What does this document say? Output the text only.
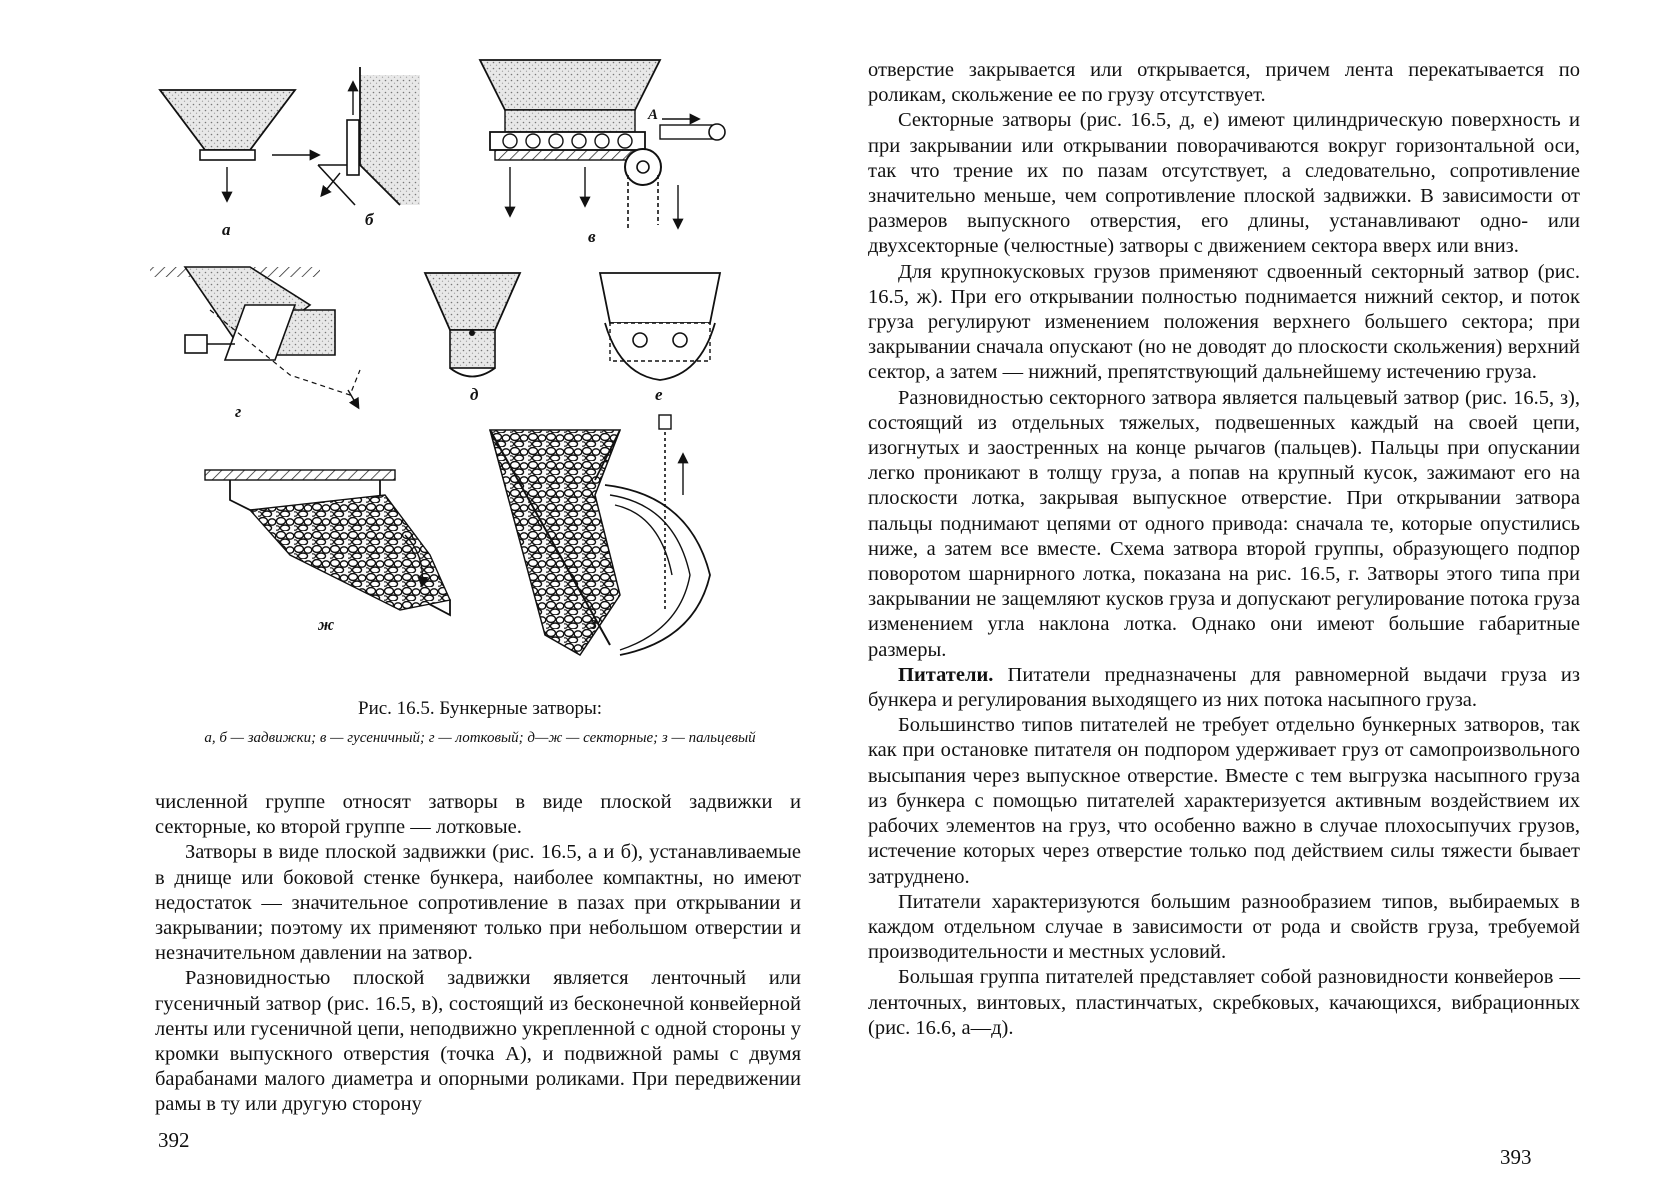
а
б
в
A
г
д	е
ж	з
Рис. 16.5. Бункерные затворы:
а, б — задвижки; в — гусеничный; г — лотковый; д—ж — секторные; з — пальцевый

численной группе относят затворы в виде плоской задвижки и секторные, ко второй группе — лотковые.

Затворы в виде плоской задвижки (рис. 16.5, а и б), устанавливаемые в днище или боковой стенке бункера, наиболее компактны, но имеют недостаток — значительное сопротивление в пазах при открывании и закрывании; поэтому их применяют только при небольшом отверстии и незначительном давлении на затвор.

Разновидностью плоской задвижки является ленточный или гусеничный затвор (рис. 16.5, в), состоящий из бесконечной конвейерной ленты или гусеничной цепи, неподвижно укрепленной с одной стороны у кромки выпускного отверстия (точка А), и подвижной рамы с двумя барабанами малого диаметра и опорными роликами. При передвижении рамы в ту или другую сторону

392

отверстие закрывается или открывается, причем лента перекатывается по роликам, скольжение ее по грузу отсутствует.

Секторные затворы (рис. 16.5, д, е) имеют цилиндрическую поверхность и при закрывании или открывании поворачиваются вокруг горизонтальной оси, так что трение их по пазам отсутствует, а следовательно, сопротивление значительно меньше, чем сопротивление плоской задвижки. В зависимости от размеров выпускного отверстия, его длины, устанавливают одно- или двухсекторные (челюстные) затворы с движением сектора вверх или вниз.

Для крупнокусковых грузов применяют сдвоенный секторный затвор (рис. 16.5, ж). При его открывании полностью поднимается нижний сектор, и поток груза регулируют изменением положения верхнего большего сектора; при закрывании сначала опускают (но не доводят до плоскости скольжения) верхний сектор, а затем — нижний, препятствующий дальнейшему истечению груза.

Разновидностью секторного затвора является пальцевый затвор (рис. 16.5, з), состоящий из отдельных тяжелых, подвешенных каждый на своей цепи, изогнутых и заостренных на конце рычагов (пальцев). Пальцы при опускании легко проникают в толщу груза, а попав на крупный кусок, зажимают его на плоскости лотка, закрывая выпускное отверстие. При открывании затвора пальцы поднимают цепями от одного привода: сначала те, которые опустились ниже, а затем все вместе. Схема затвора второй группы, образующего подпор поворотом шарнирного лотка, показана на рис. 16.5, г. Затворы этого типа при закрывании не защемляют кусков груза и допускают регулирование потока груза изменением угла наклона лотка. Однако они имеют большие габаритные размеры.

Питатели. Питатели предназначены для равномерной выдачи груза из бункера и регулирования выходящего из них потока насыпного груза.

Большинство типов питателей не требует отдельно бункерных затворов, так как при остановке питателя он подпором удерживает груз от самопроизвольного высыпания через выпускное отверстие. Вместе с тем выгрузка насыпного груза из бункера с помощью питателей характеризуется активным воздействием их рабочих элементов на груз, что особенно важно в случае плохосыпучих грузов, истечение которых через отверстие только под действием силы тяжести бывает затруднено.

Питатели характеризуются большим разнообразием типов, выбираемых в каждом отдельном случае в зависимости от рода и свойств груза, требуемой производительности и местных условий.

Большая группа питателей представляет собой разновидности конвейеров — ленточных, винтовых, пластинчатых, скребковых, качающихся, вибрационных (рис. 16.6, а—д).

393
